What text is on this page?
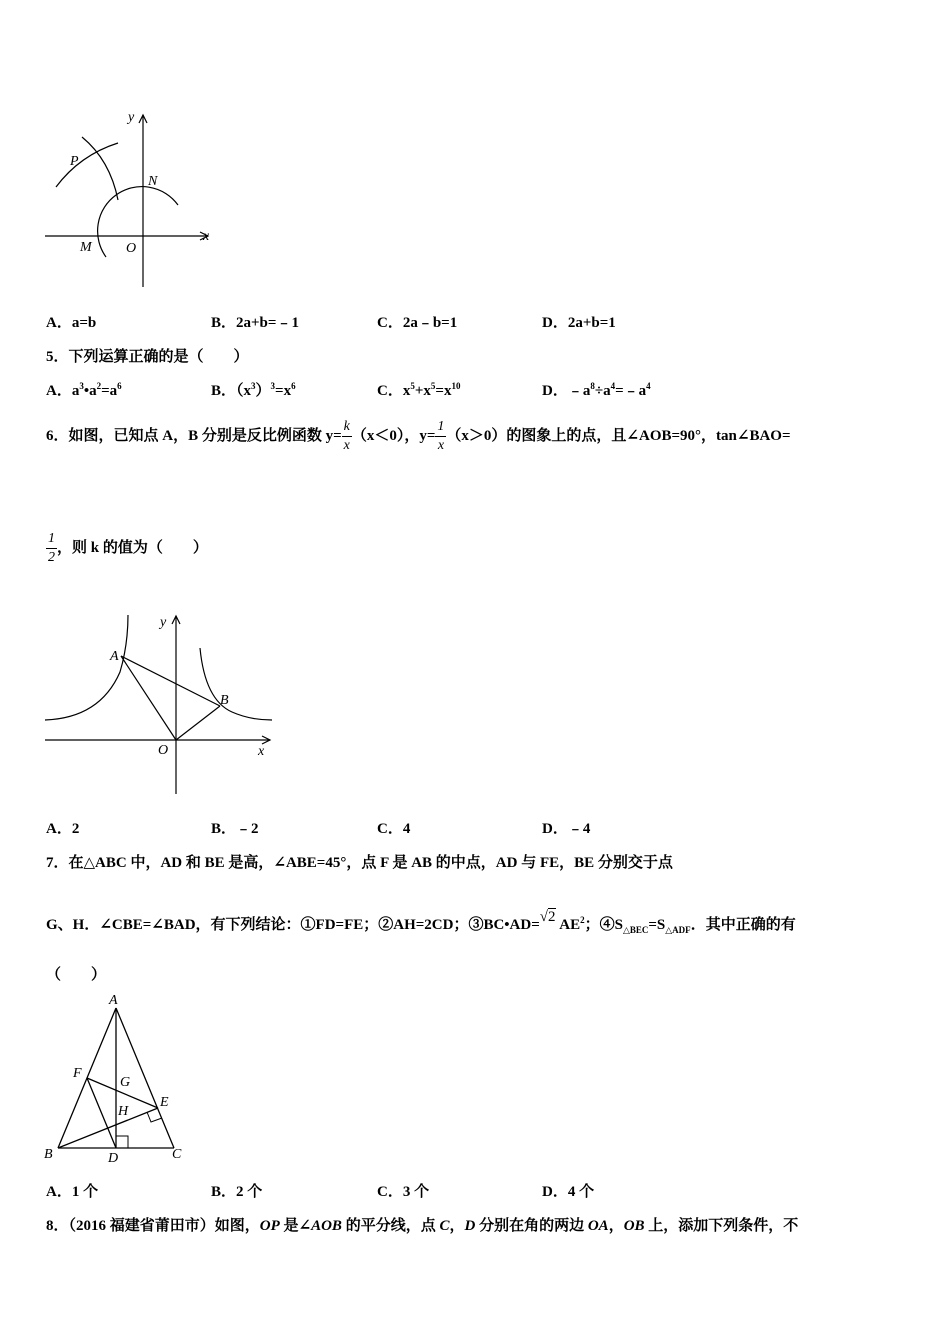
y
x
P
N
M O
A．a=b	B．2a+b=﹣1	C．2a﹣b=1	D．2a+b=1
5．下列运算正确的是（　　）
A．$a^3•a^2=a^6$	B．$(x^3)^3=x^6$	C．$x^5+x^5=x^{10}$	D．$﹣a^8\div a^4=﹣a^4$
6．如图，已知点 A，B 分别是反比例函数 $y= \frac{k}{x} (x<0)$，$y= \frac{1}{x} (x>0)$的图象上的点，且∠AOB=90°，tan∠BAO=
$\frac{1}{2}$ ，则 k 的值为（　　）
y
x
A
B
O
A．2	B．﹣2	C．4	D．﹣4
7．在△ABC 中，AD 和 BE 是高，∠ABE=45°，点 F 是 AB 的中点，AD 与 FE，BE 分别交于点
G、H．∠CBE=∠BAD，有下列结论：①FD=FE；②AH=2CD；③BC•AD=√2 $AE^2$；$④S_{\triangle BEC}=S_{\triangle ADF}$．其中正确的有
（　　）
A
B	C
D
E
F
G
H
A．1 个	B．2 个	C．3 个	D．4 个
8．（2016 福建省莆田市）如图，OP 是∠AOB 的平分线，点 C，D 分别在角的两边 OA，OB 上，添加下列条件，不
